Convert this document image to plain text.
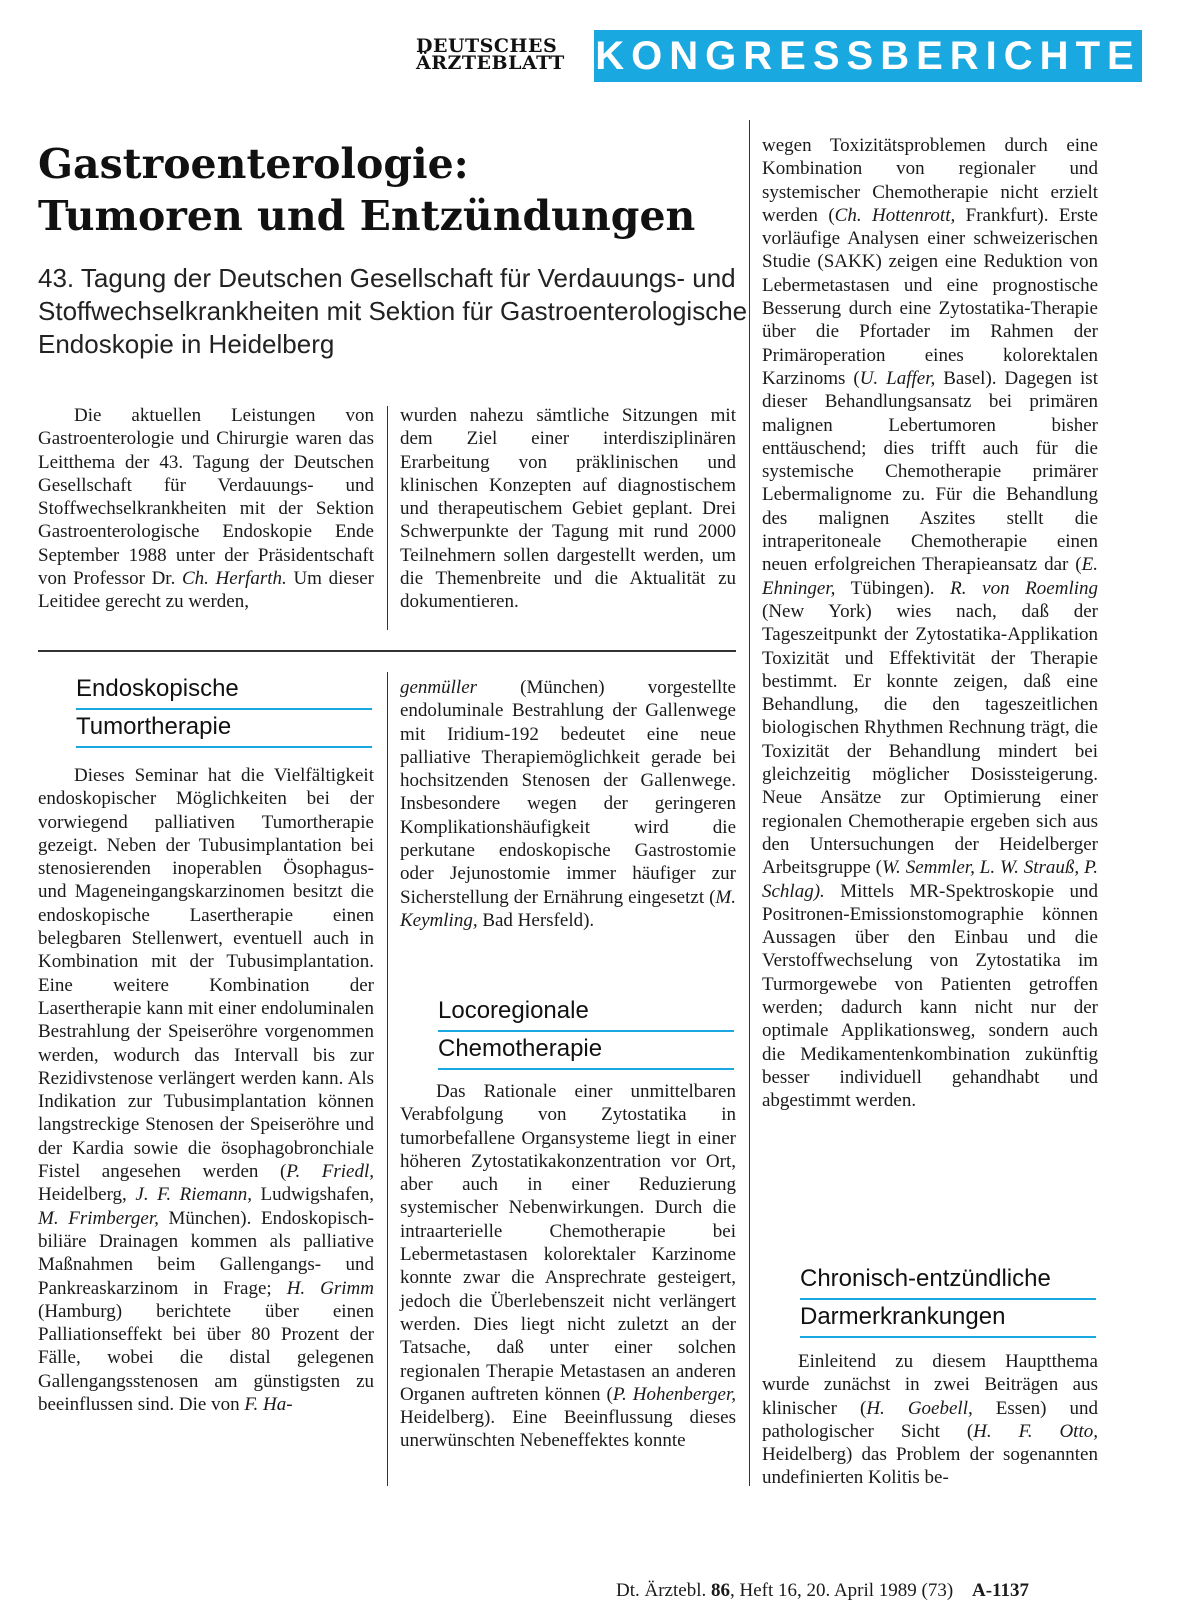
DEUTSCHES
ÄRZTEBLATT KONGRESSBERICHTE
Gastroenterologie:
Tumoren und Entzündungen

43. Tagung der Deutschen Gesellschaft für Verdauungs- und Stoffwechselkrankheiten mit Sektion für Gastroenterologische Endoskopie in Heidelberg

Die aktuellen Leistungen von Gastroenterologie und Chirurgie waren das Leitthema der 43. Tagung der Deutschen Gesellschaft für Verdauungs- und Stoffwechselkrankheiten mit der Sektion Gastroenterologische Endoskopie Ende September 1988 unter der Präsidentschaft von Professor Dr. Ch. Herfarth. Um dieser Leitidee gerecht zu werden,

wurden nahezu sämtliche Sitzungen mit dem Ziel einer interdisziplinären Erarbeitung von präklinischen und klinischen Konzepten auf diagnostischem und therapeutischem Gebiet geplant. Drei Schwerpunkte der Tagung mit rund 2000 Teilnehmern sollen dargestellt werden, um die Themenbreite und die Aktualität zu dokumentieren.

Endoskopische
Tumortherapie

Dieses Seminar hat die Vielfältigkeit endoskopischer Möglichkeiten bei der vorwiegend palliativen Tumortherapie gezeigt. Neben der Tubusimplantation bei stenosierenden inoperablen Ösophagus- und Mageneingangskarzinomen besitzt die endoskopische Lasertherapie einen belegbaren Stellenwert, eventuell auch in Kombination mit der Tubusimplantation. Eine weitere Kombination der Lasertherapie kann mit einer endoluminalen Bestrahlung der Speiseröhre vorgenommen werden, wodurch das Intervall bis zur Rezidivstenose verlängert werden kann. Als Indikation zur Tubusimplantation können langstreckige Stenosen der Speiseröhre und der Kardia sowie die ösophagobronchiale Fistel angesehen werden (P. Friedl, Heidelberg, J. F. Riemann, Ludwigshafen, M. Frimberger, München). Endoskopisch-biliäre Drainagen kommen als palliative Maßnahmen beim Gallengangs- und Pankreaskarzinom in Frage; H. Grimm (Hamburg) berichtete über einen Palliationseffekt bei über 80 Prozent der Fälle, wobei die distal gelegenen Gallengangsstenosen am günstigsten zu beeinflussen sind. Die von F. Ha-

genmüller (München) vorgestellte endoluminale Bestrahlung der Gallenwege mit Iridium-192 bedeutet eine neue palliative Therapiemöglichkeit gerade bei hochsitzenden Stenosen der Gallenwege. Insbesondere wegen der geringeren Komplikationshäufigkeit wird die perkutane endoskopische Gastrostomie oder Jejunostomie immer häufiger zur Sicherstellung der Ernährung eingesetzt (M. Keymling, Bad Hersfeld).

Locoregionale
Chemotherapie

Das Rationale einer unmittelbaren Verabfolgung von Zytostatika in tumorbefallene Organsysteme liegt in einer höheren Zytostatikakonzentration vor Ort, aber auch in einer Reduzierung systemischer Nebenwirkungen. Durch die intraarterielle Chemotherapie bei Lebermetastasen kolorektaler Karzinome konnte zwar die Ansprechrate gesteigert, jedoch die Überlebenszeit nicht verlängert werden. Dies liegt nicht zuletzt an der Tatsache, daß unter einer solchen regionalen Therapie Metastasen an anderen Organen auftreten können (P. Hohenberger, Heidelberg). Eine Beeinflussung dieses unerwünschten Nebeneffektes konnte

wegen Toxizitätsproblemen durch eine Kombination von regionaler und systemischer Chemotherapie nicht erzielt werden (Ch. Hottenrott, Frankfurt). Erste vorläufige Analysen einer schweizerischen Studie (SAKK) zeigen eine Reduktion von Lebermetastasen und eine prognostische Besserung durch eine Zytostatika-Therapie über die Pfortader im Rahmen der Primäroperation eines kolorektalen Karzinoms (U. Laffer, Basel). Dagegen ist dieser Behandlungsansatz bei primären malignen Lebertumoren bisher enttäuschend; dies trifft auch für die systemische Chemotherapie primärer Lebermalignome zu. Für die Behandlung des malignen Aszites stellt die intraperitoneale Chemotherapie einen neuen erfolgreichen Therapieansatz dar (E. Ehninger, Tübingen). R. von Roemling (New York) wies nach, daß der Tageszeitpunkt der Zytostatika-Applikation Toxizität und Effektivität der Therapie bestimmt. Er konnte zeigen, daß eine Behandlung, die den tageszeitlichen biologischen Rhythmen Rechnung trägt, die Toxizität der Behandlung mindert bei gleichzeitig möglicher Dosissteigerung. Neue Ansätze zur Optimierung einer regionalen Chemotherapie ergeben sich aus den Untersuchungen der Heidelberger Arbeitsgruppe (W. Semmler, L. W. Strauß, P. Schlag). Mittels MR-Spektroskopie und Positronen-Emissionstomographie können Aussagen über den Einbau und die Verstoffwechselung von Zytostatika im Turmorgewebe von Patienten getroffen werden; dadurch kann nicht nur der optimale Applikationsweg, sondern auch die Medikamentenkombination zukünftig besser individuell gehandhabt und abgestimmt werden.

Chronisch-entzündliche
Darmerkrankungen

Einleitend zu diesem Hauptthema wurde zunächst in zwei Beiträgen aus klinischer (H. Goebell, Essen) und pathologischer Sicht (H. F. Otto, Heidelberg) das Problem der sogenannten undefinierten Kolitis be-

Dt. Ärztebl. 86, Heft 16, 20. April 1989 (73) A-1137
